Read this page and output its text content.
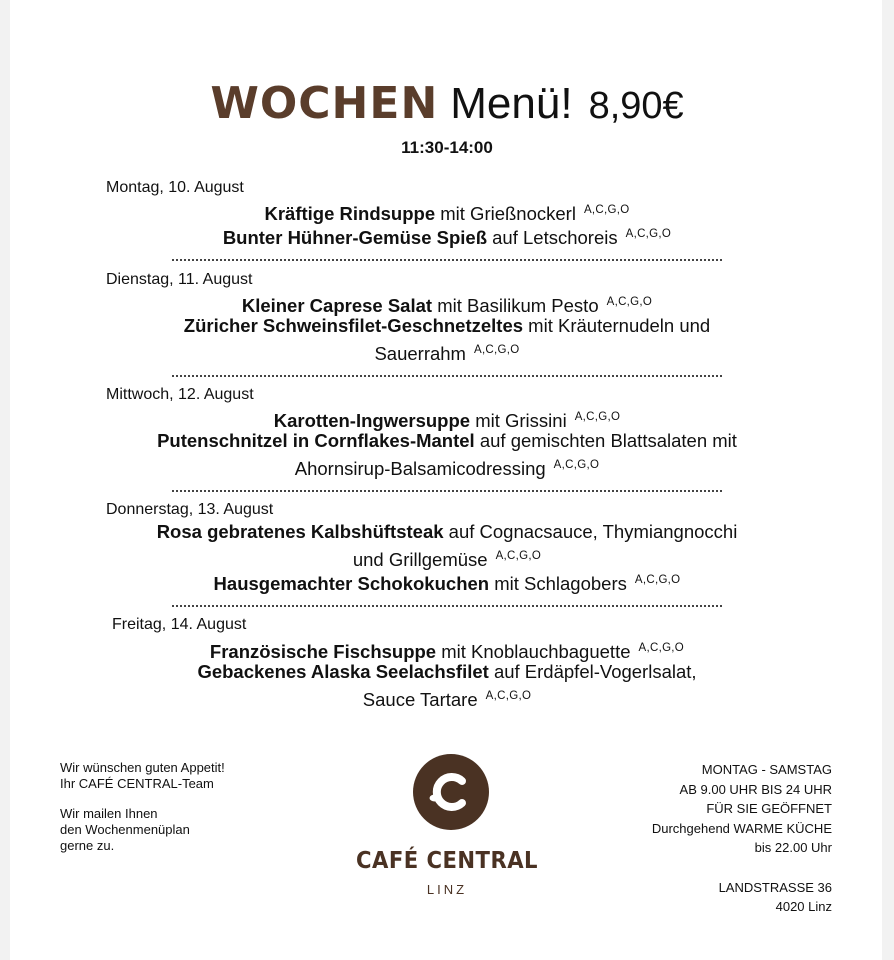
WOCHEN Menü! 8,90€
11:30-14:00
Montag, 10. August
Kräftige Rindsuppe mit Grießnockerl $^{A,C,G,O}$
Bunter Hühner-Gemüse Spieß auf Letschoreis $^{A,C,G,O}$
Dienstag, 11. August
Kleiner Caprese Salat mit Basilikum Pesto $^{A,C,G,O}$
Züricher Schweinsfilet-Geschnetzeltes mit Kräuternudeln und
Sauerrahm $^{A,C,G,O}$
Mittwoch, 12. August
Karotten-Ingwersuppe mit Grissini $^{A,C,G,O}$
Putenschnitzel in Cornflakes-Mantel auf gemischten Blattsalaten mit
Ahornsirup-Balsamicodressing $^{A,C,G,O}$
Donnerstag, 13. August
Rosa gebratenes Kalbshüftsteak auf Cognacsauce, Thymiangnocchi
und Grillgemüse $^{A,C,G,O}$
Hausgemachter Schokokuchen mit Schlagobers $^{A,C,G,O}$
Freitag, 14. August
Französische Fischsuppe mit Knoblauchbaguette $^{A,C,G,O}$
Gebackenes Alaska Seelachsfilet auf Erdäpfel-Vogerlsalat,
Sauce Tartare $^{A,C,G,O}$

Wir wünschen guten Appetit!
Ihr CAFÉ CENTRAL-Team

Wir mailen Ihnen
den Wochenmenüplan
gerne zu.

CAFÉ CENTRAL
LINZ
MONTAG - SAMSTAG
AB 9.00 UHR BIS 24 UHR
FÜR SIE GEÖFFNET
Durchgehend WARME KÜCHE
bis 22.00 Uhr
LANDSTRASSE 36
4020 Linz
